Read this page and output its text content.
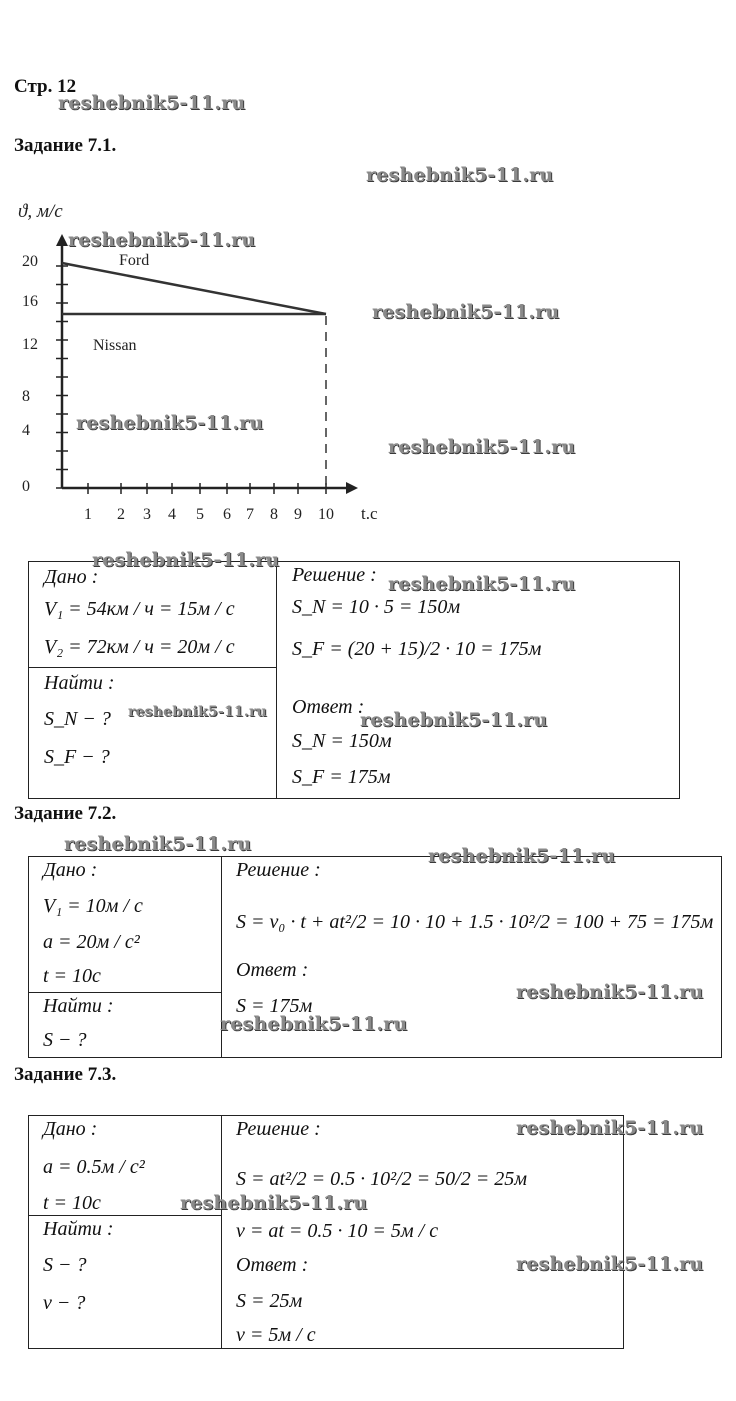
Стр. 12
Задание 7.1.
ϑ, м/с
20
16
12
8
4
0
1 2 3 4 5 6 7 8 9 10 t.c
Ford
Nissan
Дано :
V₁ = 54км / ч = 15м / с
V₂ = 72км / ч = 20м / с

Решение :
S_N = 10 · 5 = 150м
S_F = (20 + 15)/2 · 10 = 175м
Ответ :
S_N = 150м
S_F = 175м

Найти :
S_N − ?
S_F − ?
Задание 7.2.
Дано :
V₁ = 10м / с
a = 20м / с²
t = 10с

Решение :
S = v₀ · t + at²/2 = 10 · 10 + 1.5 · 10²/2 = 100 + 75 = 175м
Ответ :
S = 175м

Найти :
S − ?
Задание 7.3.
Дано :
a = 0.5м / с²
t = 10с

Решение :
S = at²/2 = 0.5 · 10²/2 = 50/2 = 25м
v = at = 0.5 · 10 = 5м / с
Ответ :
S = 25м
v = 5м / с

Найти :
S − ?
v − ?
reshebnik5-11.ru
reshebnik5-11.ru
reshebnik5-11.ru
reshebnik5-11.ru
reshebnik5-11.ru
reshebnik5-11.ru
reshebnik5-11.ru
reshebnik5-11.ru
reshebnik5-11.ru	reshebnik5-11.ru
reshebnik5-11.ru
reshebnik5-11.ru
reshebnik5-11.ru
reshebnik5-11.ru
reshebnik5-11.ru
reshebnik5-11.ru
reshebnik5-11.ru
